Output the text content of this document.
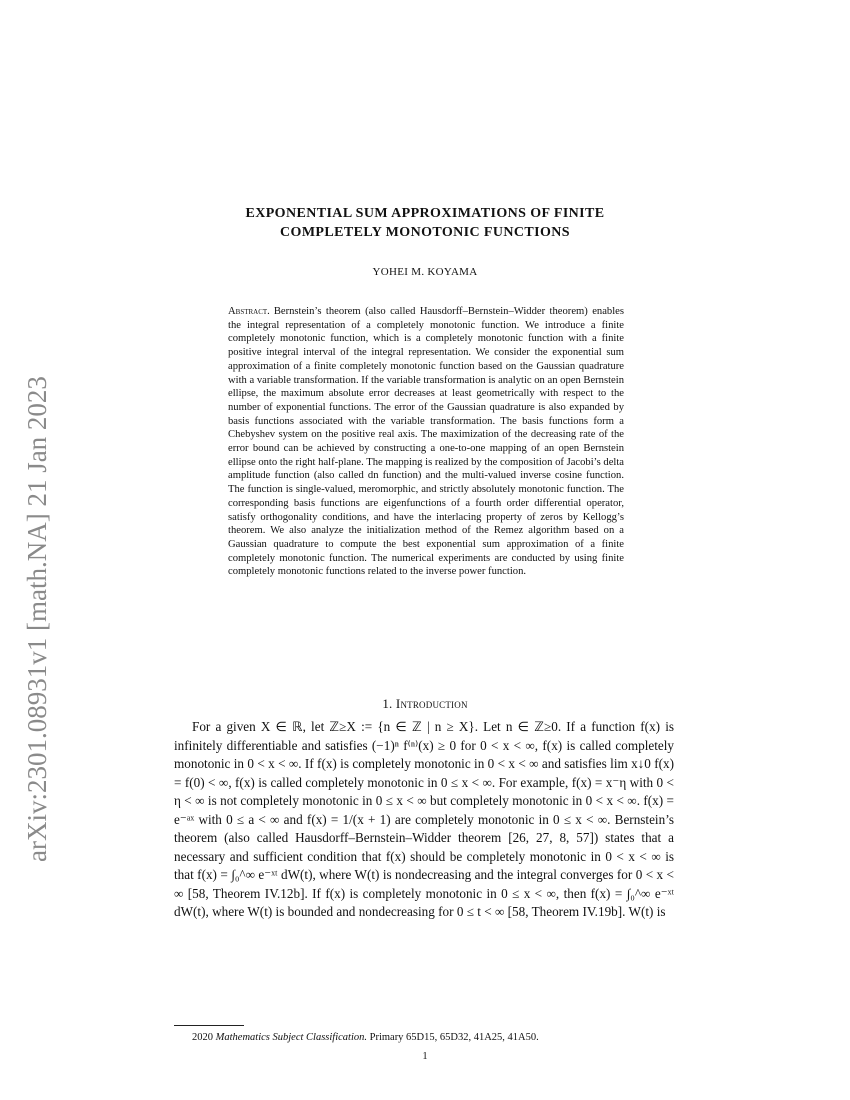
arXiv:2301.08931v1 [math.NA] 21 Jan 2023
EXPONENTIAL SUM APPROXIMATIONS OF FINITE
COMPLETELY MONOTONIC FUNCTIONS
YOHEI M. KOYAMA
Abstract. Bernstein’s theorem (also called Hausdorff–Bernstein–Widder theorem) enables the integral representation of a completely monotonic function. We introduce a finite completely monotonic function, which is a completely monotonic function with a finite positive integral interval of the integral representation. We consider the exponential sum approximation of a finite completely monotonic function based on the Gaussian quadrature with a variable transformation. If the variable transformation is analytic on an open Bernstein ellipse, the maximum absolute error decreases at least geometrically with respect to the number of exponential functions. The error of the Gaussian quadrature is also expanded by basis functions associated with the variable transformation. The basis functions form a Chebyshev system on the positive real axis. The maximization of the decreasing rate of the error bound can be achieved by constructing a one-to-one mapping of an open Bernstein ellipse onto the right half-plane. The mapping is realized by the composition of Jacobi’s delta amplitude function (also called dn function) and the multi-valued inverse cosine function. The function is single-valued, meromorphic, and strictly absolutely monotonic function. The corresponding basis functions are eigenfunctions of a fourth order differential operator, satisfy orthogonality conditions, and have the interlacing property of zeros by Kellogg’s theorem. We also analyze the initialization method of the Remez algorithm based on a Gaussian quadrature to compute the best exponential sum approximation of a finite completely monotonic function. The numerical experiments are conducted by using finite completely monotonic functions related to the inverse power function.
1. Introduction
For a given X ∈ ℝ, let ℤ≥X := {n ∈ ℤ | n ≥ X}. Let n ∈ ℤ≥0. If a function f(x) is infinitely differentiable and satisfies (−1)ⁿ f⁽ⁿ⁾(x) ≥ 0 for 0 < x < ∞, f(x) is called completely monotonic in 0 < x < ∞. If f(x) is completely monotonic in 0 < x < ∞ and satisfies lim x↓0 f(x) = f(0) < ∞, f(x) is called completely monotonic in 0 ≤ x < ∞. For example, f(x) = x⁻η with 0 < η < ∞ is not completely monotonic in 0 ≤ x < ∞ but completely monotonic in 0 < x < ∞. f(x) = e⁻ᵃˣ with 0 ≤ a < ∞ and f(x) = 1/(x + 1) are completely monotonic in 0 ≤ x < ∞. Bernstein’s theorem (also called Hausdorff–Bernstein–Widder theorem [26, 27, 8, 57]) states that a necessary and sufficient condition that f(x) should be completely monotonic in 0 < x < ∞ is that f(x) = ∫₀^∞ e⁻ˣᵗ dW(t), where W(t) is nondecreasing and the integral converges for 0 < x < ∞ [58, Theorem IV.12b]. If f(x) is completely monotonic in 0 ≤ x < ∞, then f(x) = ∫₀^∞ e⁻ˣᵗ dW(t), where W(t) is bounded and nondecreasing for 0 ≤ t < ∞ [58, Theorem IV.19b]. W(t) is
2020 Mathematics Subject Classification. Primary 65D15, 65D32, 41A25, 41A50.
1
